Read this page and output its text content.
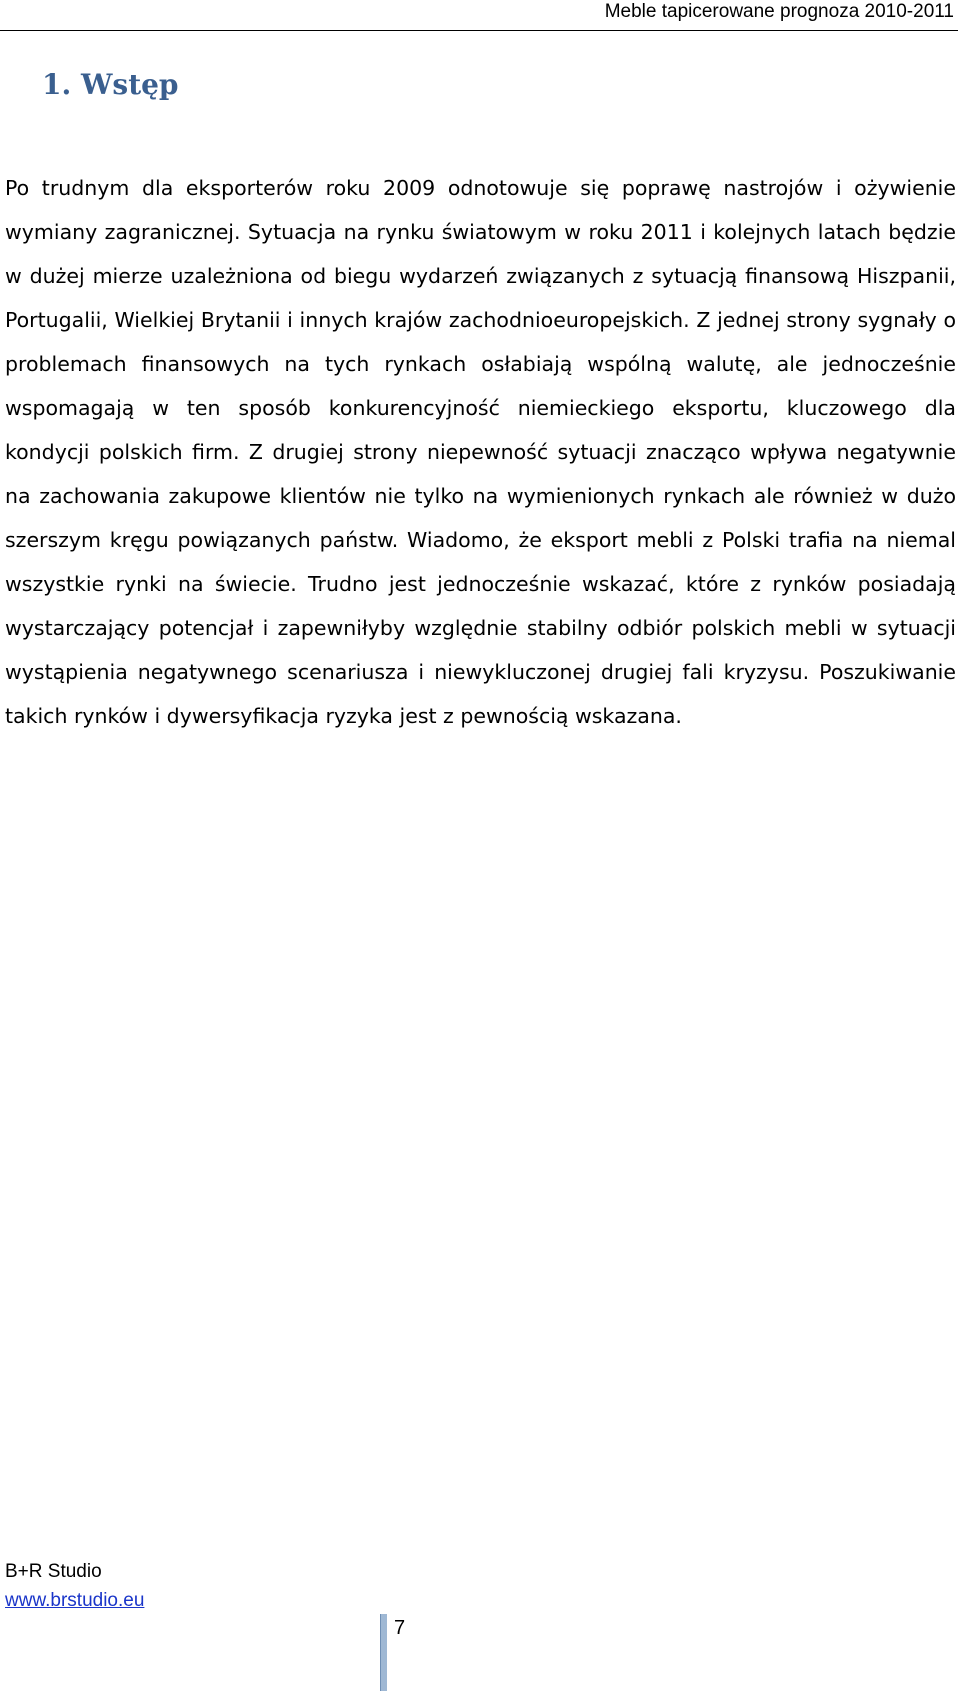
Meble tapicerowane prognoza 2010-2011
1. Wstęp

Po trudnym dla eksporterów roku 2009 odnotowuje się poprawę nastrojów i ożywienie wymiany zagranicznej. Sytuacja na rynku światowym w roku 2011 i kolejnych latach będzie w dużej mierze uzależniona od biegu wydarzeń związanych z sytuacją finansową Hiszpanii, Portugalii, Wielkiej Brytanii i innych krajów zachodnioeuropejskich. Z jednej strony sygnały o problemach finansowych na tych rynkach osłabiają wspólną walutę, ale jednocześnie wspomagają w ten sposób konkurencyjność niemieckiego eksportu, kluczowego dla kondycji polskich firm. Z drugiej strony niepewność sytuacji znacząco wpływa negatywnie na zachowania zakupowe klientów nie tylko na wymienionych rynkach ale również w dużo szerszym kręgu powiązanych państw. Wiadomo, że eksport mebli z Polski trafia na niemal wszystkie rynki na świecie. Trudno jest jednocześnie wskazać, które z rynków posiadają wystarczający potencjał i zapewniłyby względnie stabilny odbiór polskich mebli w sytuacji wystąpienia negatywnego scenariusza i niewykluczonej drugiej fali kryzysu. Poszukiwanie takich rynków i dywersyfikacja ryzyka jest z pewnością wskazana.

B+R Studio
www.brstudio.eu
7
